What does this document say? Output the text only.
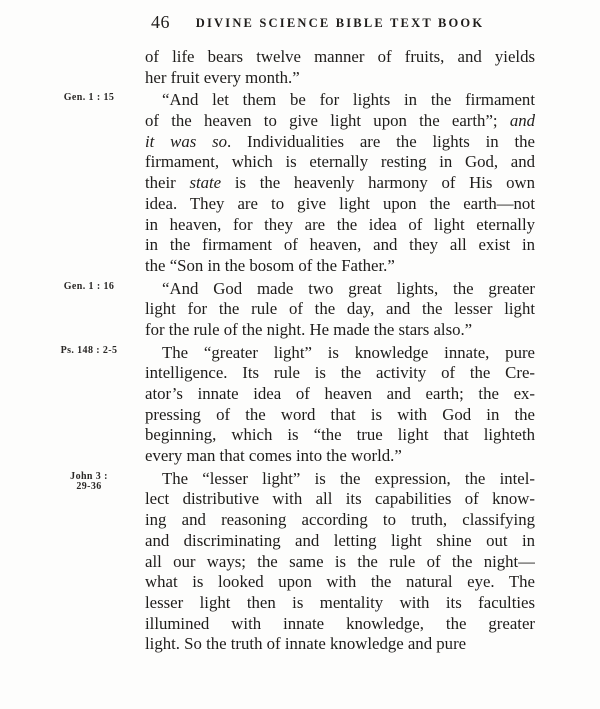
46	DIVINE SCIENCE BIBLE TEXT BOOK
of life bears twelve manner of fruits, and yields
her fruit every month.”
Gen. 1 : 15	“And let them be for lights in the firmament
of the heaven to give light upon the earth”; and
it was so. Individualities are the lights in the
firmament, which is eternally resting in God, and
their state is the heavenly harmony of His own
idea. They are to give light upon the earth—not
in heaven, for they are the idea of light eternally
in the firmament of heaven, and they all exist in
the “Son in the bosom of the Father.”
Gen. 1 : 16	“And God made two great lights, the greater
light for the rule of the day, and the lesser light
for the rule of the night. He made the stars also.”
Ps. 148 : 2-5	The “greater light” is knowledge innate, pure
intelligence. Its rule is the activity of the Cre-
ator’s innate idea of heaven and earth; the ex-
pressing of the word that is with God in the
beginning, which is “the true light that lighteth
every man that comes into the world.”
John 3 :
29-36	The “lesser light” is the expression, the intel-
lect distributive with all its capabilities of know-
ing and reasoning according to truth, classifying
and discriminating and letting light shine out in
all our ways; the same is the rule of the night—
what is looked upon with the natural eye. The
lesser light then is mentality with its faculties
illumined with innate knowledge, the greater
light. So the truth of innate knowledge and pure
